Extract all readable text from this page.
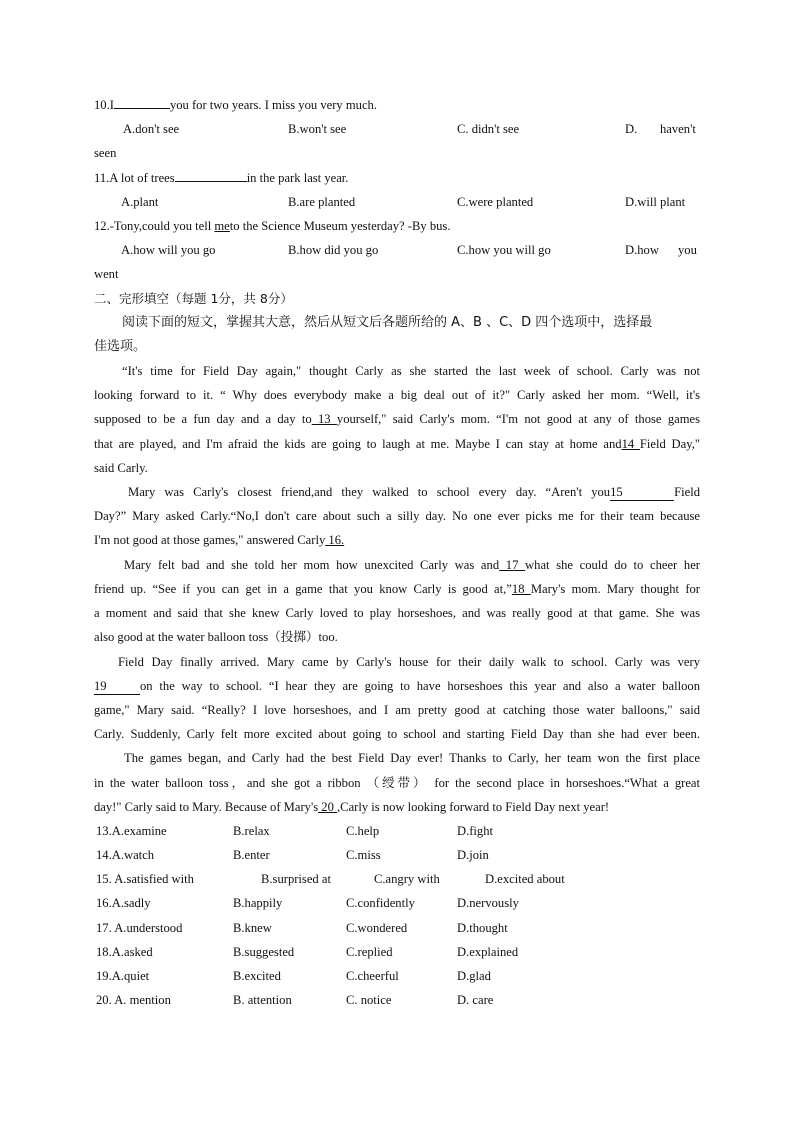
10.I	you for two years. I miss you very much.
A.don't see	B.won't see	C. didn't see	D. haven't
seen
11.A lot of trees	in the park last year.
A.plant	B.are planted	C.were planted	D.will plant
12.-Tony,could you tell meto the Science Museum yesterday? -By bus.
A.how will you go	B.how did you go	C.how you will go	D.how you
went
二、完形填空（每题 1分，共 8分）
阅读下面的短文，掌握其大意，然后从短文后各题所给的 A、B 、C、D 四个选项中，选择最
佳选项。
“It's time for Field Day again," thought Carly as she started the last week of school. Carly was not
looking forward to it. “ Why does everybody make a big deal out of it?" Carly asked her mom. “Well, it's
supposed to be a fun day and a day to 13 yourself," said Carly's mom. “I'm not good at any of those games
that are played, and I'm afraid the kids are going to laugh at me. Maybe I can stay at home and14 Field Day,"
said Carly.
Mary was Carly's closest friend,and they walked to school every day. “Aren't you15	Field
Day?” Mary asked Carly.“No,I don't care about such a silly day. No one ever picks me for their team because
I'm not good at those games," answered Carly 16.
Mary felt bad and she told her mom how unexcited Carly was and 17 what she could do to cheer her
friend up. “See if you can get in a game that you know Carly is good at,”18 Mary's mom. Mary thought for
a moment and said that she knew Carly loved to play horseshoes, and was really good at that game. She was
also good at the water balloon toss（投掷）too.
Field Day finally arrived. Mary came by Carly's house for their daily walk to school. Carly was very
19	on the way to school. “I hear they are going to have horseshoes this year and also a water balloon
game," Mary said. “Really? I love horseshoes, and I am pretty good at catching those water balloons," said
Carly. Suddenly, Carly felt more excited about going to school and starting Field Day than she had ever been.
The games began, and Carly had the best Field Day ever! Thanks to Carly, her team won the first place
in the water balloon toss，and she got a ribbon （绶带） for the second place in horseshoes.“What a great
day!" Carly said to Mary. Because of Mary's 20 ,Carly is now looking forward to Field Day next year!
13.A.examine	B.relax	C.help	D.fight
14.A.watch	B.enter	C.miss	D.join
15. A.satisfied with	B.surprised at	C.angry with	D.excited about
16.A.sadly	B.happily	C.confidently	D.nervously
17. A.understood	B.knew	C.wondered	D.thought
18.A.asked	B.suggested	C.replied	D.explained
19.A.quiet	B.excited	C.cheerful	D.glad
20. A. mention	B. attention	C. notice	D. care
